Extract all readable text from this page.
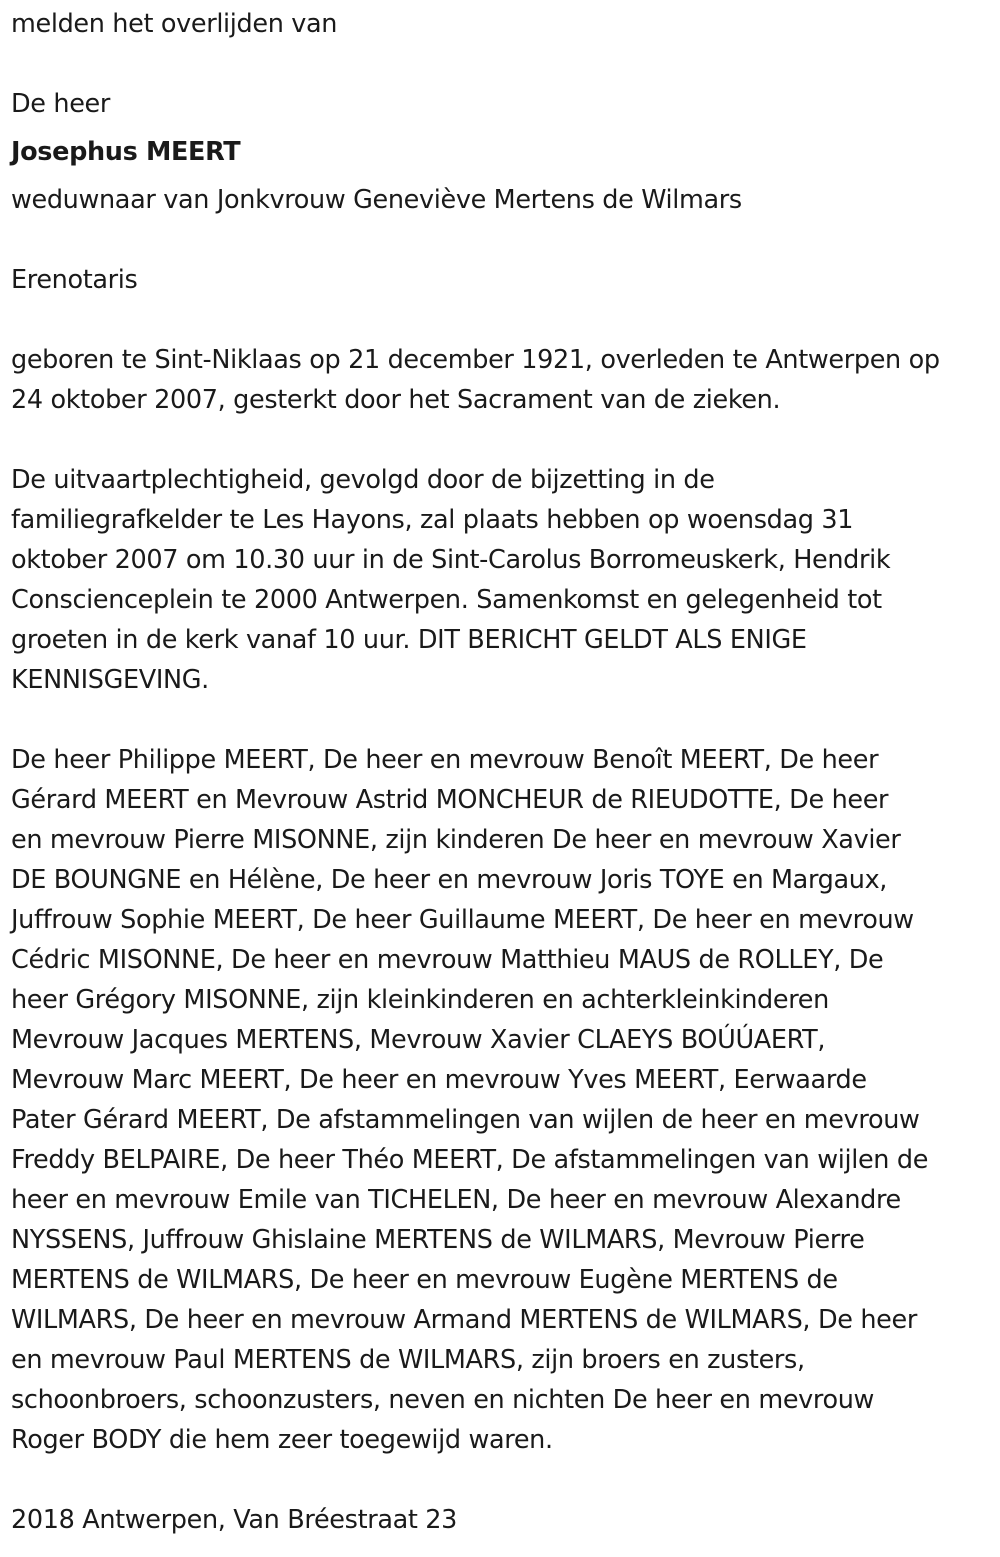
melden het overlijden van
De heer
Josephus MEERT
weduwnaar van Jonkvrouw Geneviève Mertens de Wilmars
Erenotaris
geboren te Sint-Niklaas op 21 december 1921, overleden te Antwerpen op
24 oktober 2007, gesterkt door het Sacrament van de zieken.
De uitvaartplechtigheid, gevolgd door de bijzetting in de
familiegrafkelder te Les Hayons, zal plaats hebben op woensdag 31
oktober 2007 om 10.30 uur in de Sint-Carolus Borromeuskerk, Hendrik
Conscienceplein te 2000 Antwerpen. Samenkomst en gelegenheid tot
groeten in de kerk vanaf 10 uur. DIT BERICHT GELDT ALS ENIGE
KENNISGEVING.
De heer Philippe MEERT, De heer en mevrouw Benoît MEERT, De heer
Gérard MEERT en Mevrouw Astrid MONCHEUR de RIEUDOTTE, De heer
en mevrouw Pierre MISONNE, zijn kinderen De heer en mevrouw Xavier
DE BOUNGNE en Hélène, De heer en mevrouw Joris TOYE en Margaux,
Juffrouw Sophie MEERT, De heer Guillaume MEERT, De heer en mevrouw
Cédric MISONNE, De heer en mevrouw Matthieu MAUS de ROLLEY, De
heer Grégory MISONNE, zijn kleinkinderen en achterkleinkinderen
Mevrouw Jacques MERTENS, Mevrouw Xavier CLAEYS BOÚÚAERT,
Mevrouw Marc MEERT, De heer en mevrouw Yves MEERT, Eerwaarde
Pater Gérard MEERT, De afstammelingen van wijlen de heer en mevrouw
Freddy BELPAIRE, De heer Théo MEERT, De afstammelingen van wijlen de
heer en mevrouw Emile van TICHELEN, De heer en mevrouw Alexandre
NYSSENS, Juffrouw Ghislaine MERTENS de WILMARS, Mevrouw Pierre
MERTENS de WILMARS, De heer en mevrouw Eugène MERTENS de
WILMARS, De heer en mevrouw Armand MERTENS de WILMARS, De heer
en mevrouw Paul MERTENS de WILMARS, zijn broers en zusters,
schoonbroers, schoonzusters, neven en nichten De heer en mevrouw
Roger BODY die hem zeer toegewijd waren.
2018 Antwerpen, Van Bréestraat 23
